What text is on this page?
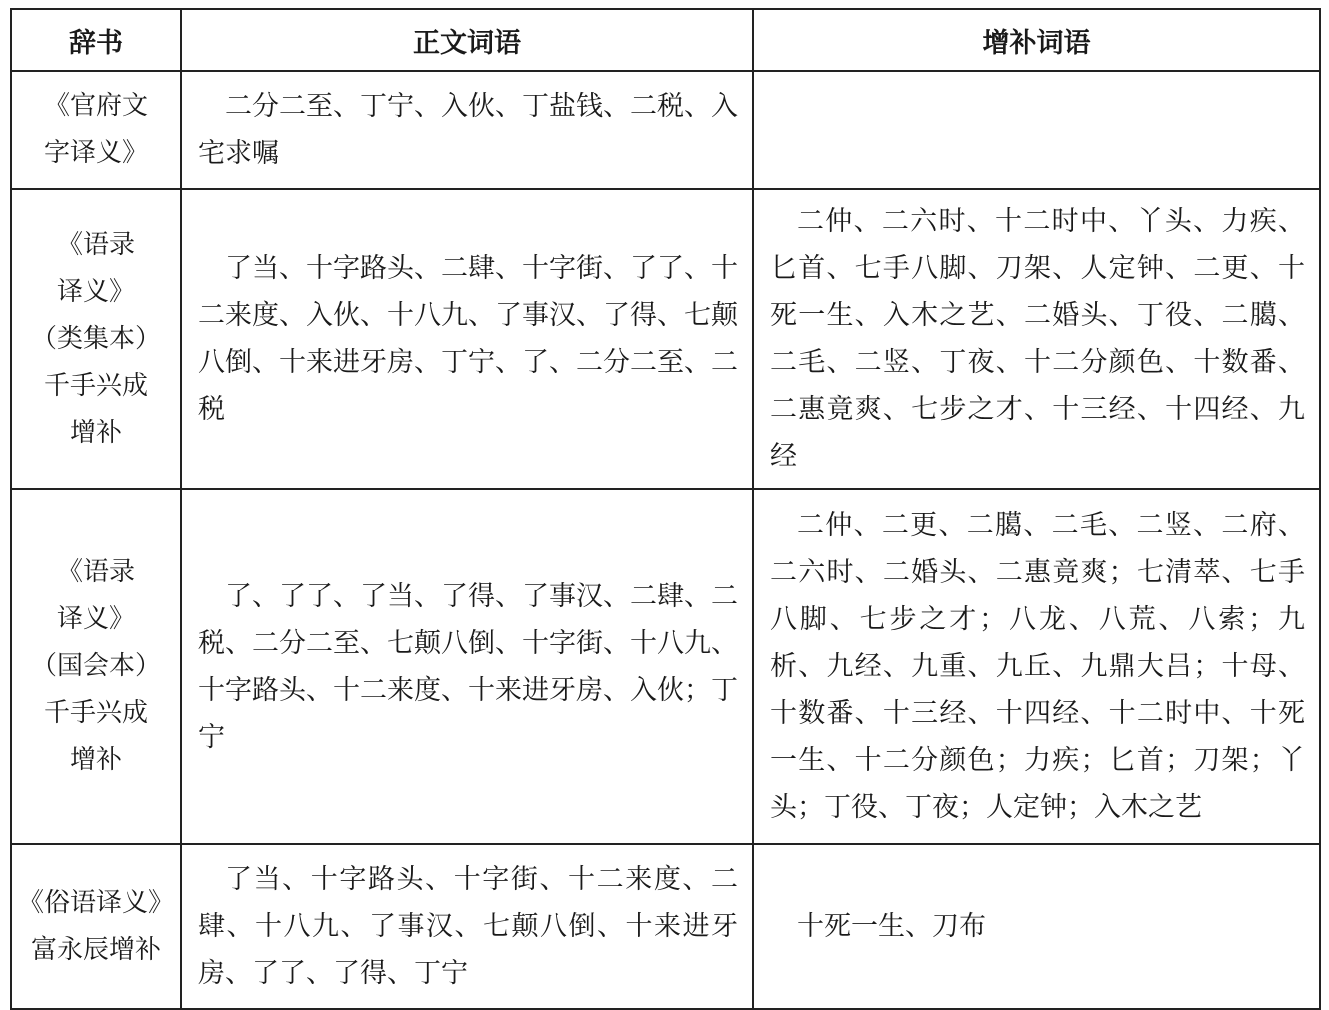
辞书	正文词语	增补词语

《官府文
字译义》	二分二至、丁宁、入伙、丁盐钱、二税、入宅求嘱	

《语录
译义》
（类集本）
千手兴成
增补	了当、十字路头、二肆、十字街、了了、十二来度、入伙、十八九、了事汉、了得、七颠八倒、十来进牙房、丁宁、了、二分二至、二税	二仲、二六时、十二时中、丫头、力疾、匕首、七手八脚、刀架、人定钟、二更、十死一生、入木之艺、二婚头、丁役、二臈、二毛、二竖、丁夜、十二分颜色、十数番、二惠竟爽、七步之才、十三经、十四经、九经

《语录
译义》
（国会本）
千手兴成
增补	了、了了、了当、了得、了事汉、二肆、二税、二分二至、七颠八倒、十字街、十八九、十字路头、十二来度、十来进牙房、入伙；丁宁	二仲、二更、二臈、二毛、二竖、二府、二六时、二婚头、二惠竟爽；七清萃、七手八脚、七步之才；八龙、八荒、八索；九析、九经、九重、九丘、九鼎大吕；十母、十数番、十三经、十四经、十二时中、十死一生、十二分颜色；力疾；匕首；刀架；丫头；丁役、丁夜；人定钟；入木之艺

《俗语译义》
富永辰增补	了当、十字路头、十字街、十二来度、二肆、十八九、了事汉、七颠八倒、十来进牙房、了了、了得、丁宁	十死一生、刀布
